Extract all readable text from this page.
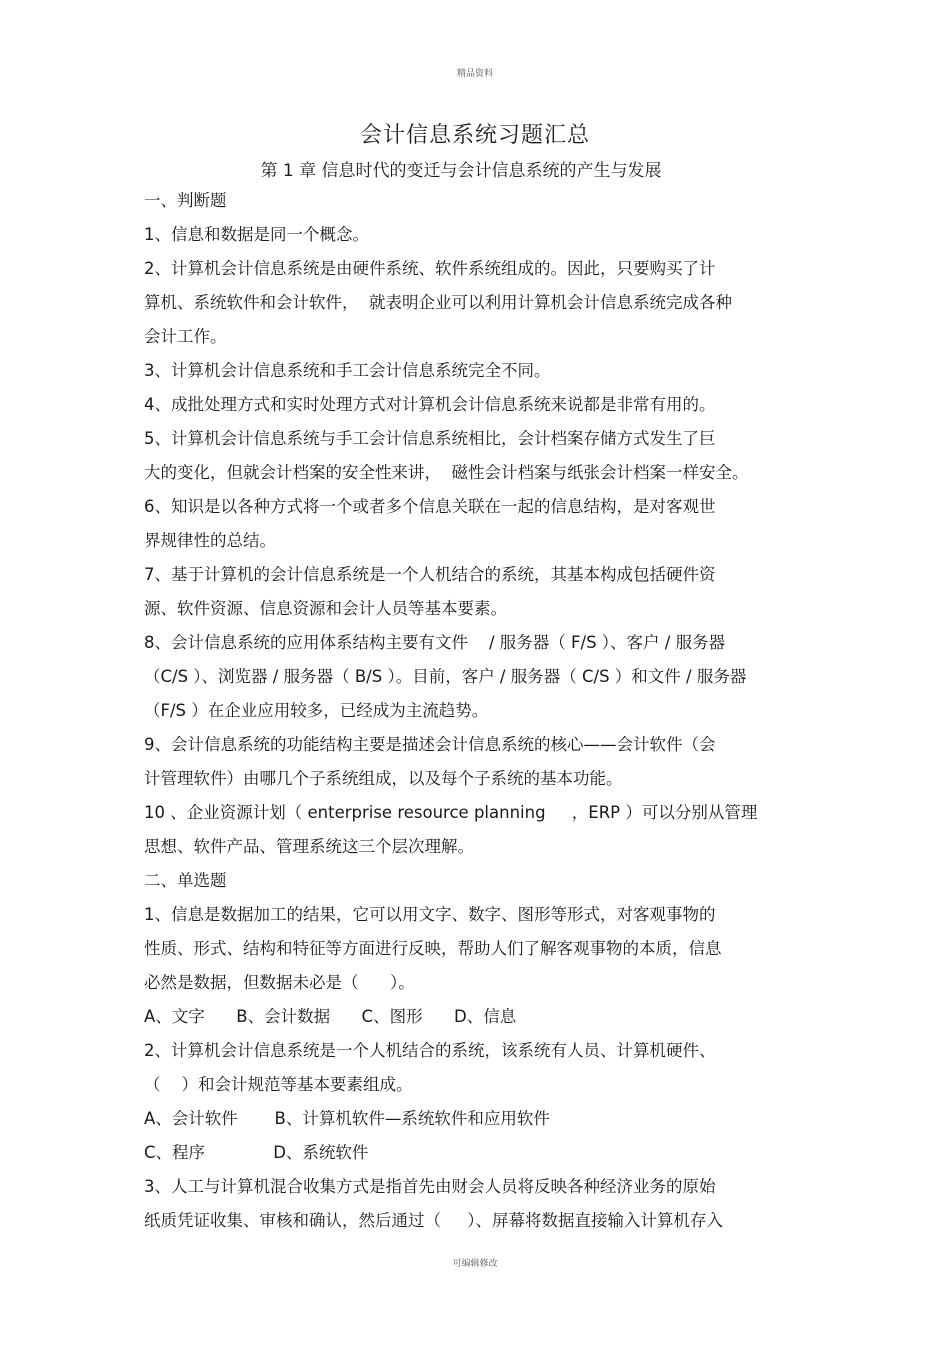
精品资料
会计信息系统习题汇总
第 1 章 信息时代的变迁与会计信息系统的产生与发展
一、判断题
1、信息和数据是同一个概念。
2、计算机会计信息系统是由硬件系统、软件系统组成的。因此，只要购买了计
算机、系统软件和会计软件，  就表明企业可以利用计算机会计信息系统完成各种
会计工作。
3、计算机会计信息系统和手工会计信息系统完全不同。
4、成批处理方式和实时处理方式对计算机会计信息系统来说都是非常有用的。
5、计算机会计信息系统与手工会计信息系统相比，会计档案存储方式发生了巨
大的变化，但就会计档案的安全性来讲，  磁性会计档案与纸张会计档案一样安全。
6、知识是以各种方式将一个或者多个信息关联在一起的信息结构，是对客观世
界规律性的总结。
7、基于计算机的会计信息系统是一个人机结合的系统，其基本构成包括硬件资
源、软件资源、信息资源和会计人员等基本要素。
8、会计信息系统的应用体系结构主要有文件    / 服务器（ F/S ）、客户 / 服务器
（C/S ）、浏览器 / 服务器（ B/S ）。目前，客户 / 服务器（ C/S ）和文件 / 服务器
（F/S ）在企业应用较多，已经成为主流趋势。
9、会计信息系统的功能结构主要是描述会计信息系统的核心——会计软件（会
计管理软件）由哪几个子系统组成，以及每个子系统的基本功能。
10 、企业资源计划（ enterprise resource planning     ，ERP ）可以分别从管理
思想、软件产品、管理系统这三个层次理解。
二、单选题
1、信息是数据加工的结果，它可以用文字、数字、图形等形式，对客观事物的
性质、形式、结构和特征等方面进行反映，帮助人们了解客观事物的本质，信息
必然是数据，但数据未必是（      ）。
A、文字      B、会计数据      C、图形      D、信息
2、计算机会计信息系统是一个人机结合的系统，该系统有人员、计算机硬件、
（    ）和会计规范等基本要素组成。
A、会计软件       B、计算机软件—系统软件和应用软件
C、程序             D、系统软件
3、人工与计算机混合收集方式是指首先由财会人员将反映各种经济业务的原始
纸质凭证收集、审核和确认，然后通过（     ）、屏幕将数据直接输入计算机存入
可编辑修改
